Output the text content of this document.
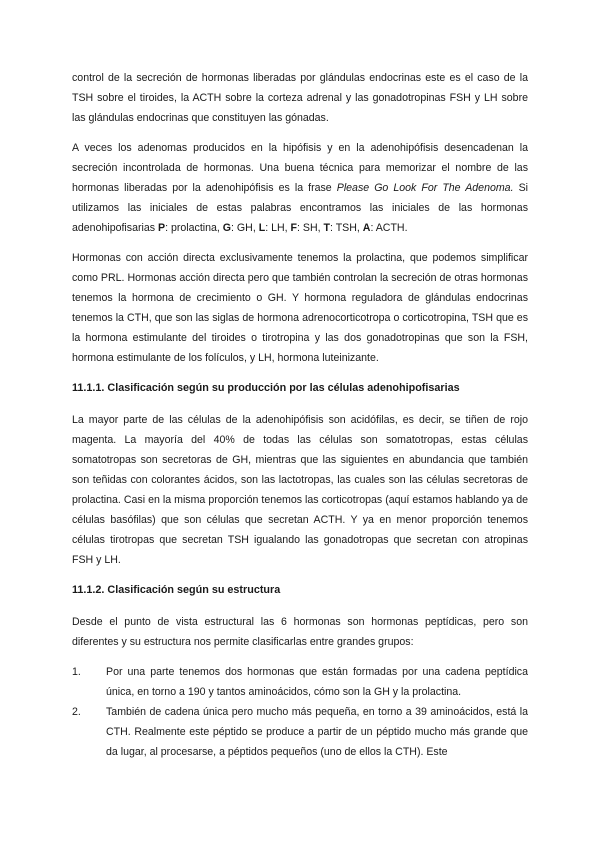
control de la secreción de hormonas liberadas por glándulas endocrinas este es el caso de la TSH sobre el tiroides, la ACTH sobre la corteza adrenal y las gonadotropinas FSH y LH sobre las glándulas endocrinas que constituyen las gónadas.

A veces los adenomas producidos en la hipófisis y en la adenohipófisis desencadenan la secreción incontrolada de hormonas. Una buena técnica para memorizar el nombre de las hormonas liberadas por la adenohipófisis es la frase Please Go Look For The Adenoma. Si utilizamos las iniciales de estas palabras encontramos las iniciales de las hormonas adenohipofisarias P: prolactina, G: GH, L: LH, F: SH, T: TSH, A: ACTH.

Hormonas con acción directa exclusivamente tenemos la prolactina, que podemos simplificar como PRL. Hormonas acción directa pero que también controlan la secreción de otras hormonas tenemos la hormona de crecimiento o GH. Y hormona reguladora de glándulas endocrinas tenemos la CTH, que son las siglas de hormona adrenocorticotropa o corticotropina, TSH que es la hormona estimulante del tiroides o tirotropina y las dos gonadotropinas que son la FSH, hormona estimulante de los folículos, y LH, hormona luteinizante.

11.1.1. Clasificación según su producción por las células adenohipofisarias

La mayor parte de las células de la adenohipófisis son acidófilas, es decir, se tiñen de rojo magenta. La mayoría del 40% de todas las células son somatotropas, estas células somatotropas son secretoras de GH, mientras que las siguientes en abundancia que también son teñidas con colorantes ácidos, son las lactotropas, las cuales son las células secretoras de prolactina. Casi en la misma proporción tenemos las corticotropas (aquí estamos hablando ya de células basófilas) que son células que secretan ACTH. Y ya en menor proporción tenemos células tirotropas que secretan TSH igualando las gonadotropas que secretan con atropinas FSH y LH.

11.1.2. Clasificación según su estructura

Desde el punto de vista estructural las 6 hormonas son hormonas peptídicas, pero son diferentes y su estructura nos permite clasificarlas entre grandes grupos:

1.	Por una parte tenemos dos hormonas que están formadas por una cadena peptídica única, en torno a 190 y tantos aminoácidos, cómo son la GH y la prolactina.
2.	También de cadena única pero mucho más pequeña, en torno a 39 aminoácidos, está la CTH. Realmente este péptido se produce a partir de un péptido mucho más grande que da lugar, al procesarse, a péptidos pequeños (uno de ellos la CTH). Este
